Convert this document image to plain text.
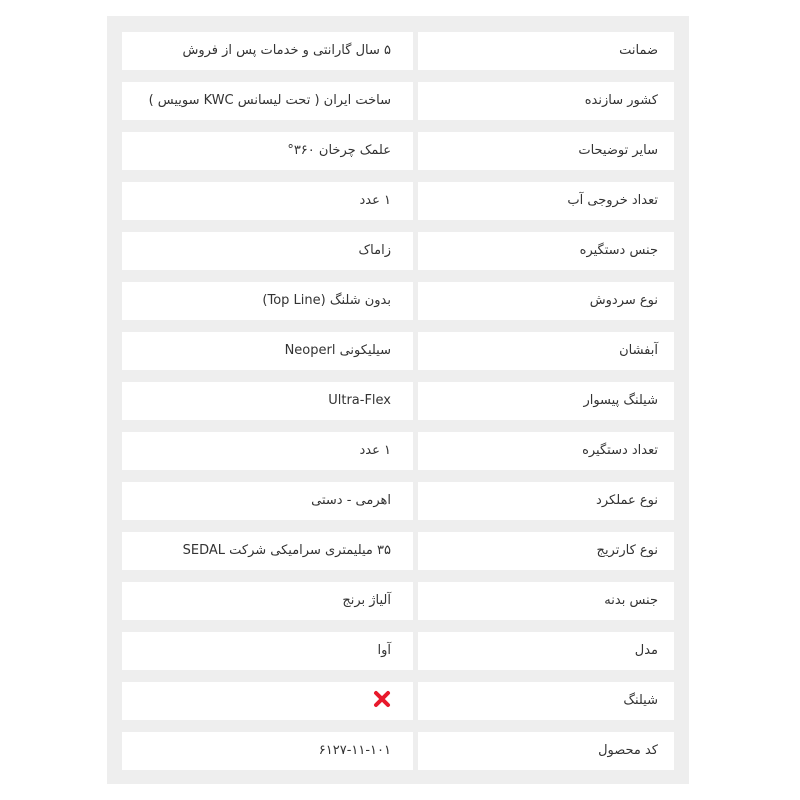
ضمانت
۵ سال گارانتی و خدمات پس از فروش
کشور سازنده
ساخت ایران ( تحت لیسانس KWC سوییس )
سایر توضیحات
علمک چرخان ۳۶۰°
تعداد خروجی آب
۱ عدد
جنس دستگیره
زاماک
نوع سردوش
بدون شلنگ (Top Line)
آبفشان
سیلیکونی Neoperl
شیلنگ پیسوار
Ultra-Flex
تعداد دستگیره
۱ عدد
نوع عملکرد
اهرمی - دستی
نوع کارتریج
۳۵ میلیمتری سرامیکی شرکت SEDAL
جنس بدنه
آلیاژ برنج
مدل
آوا
شیلنگ
کد محصول
۶۱۲۷-۱۱-۱۰۱
